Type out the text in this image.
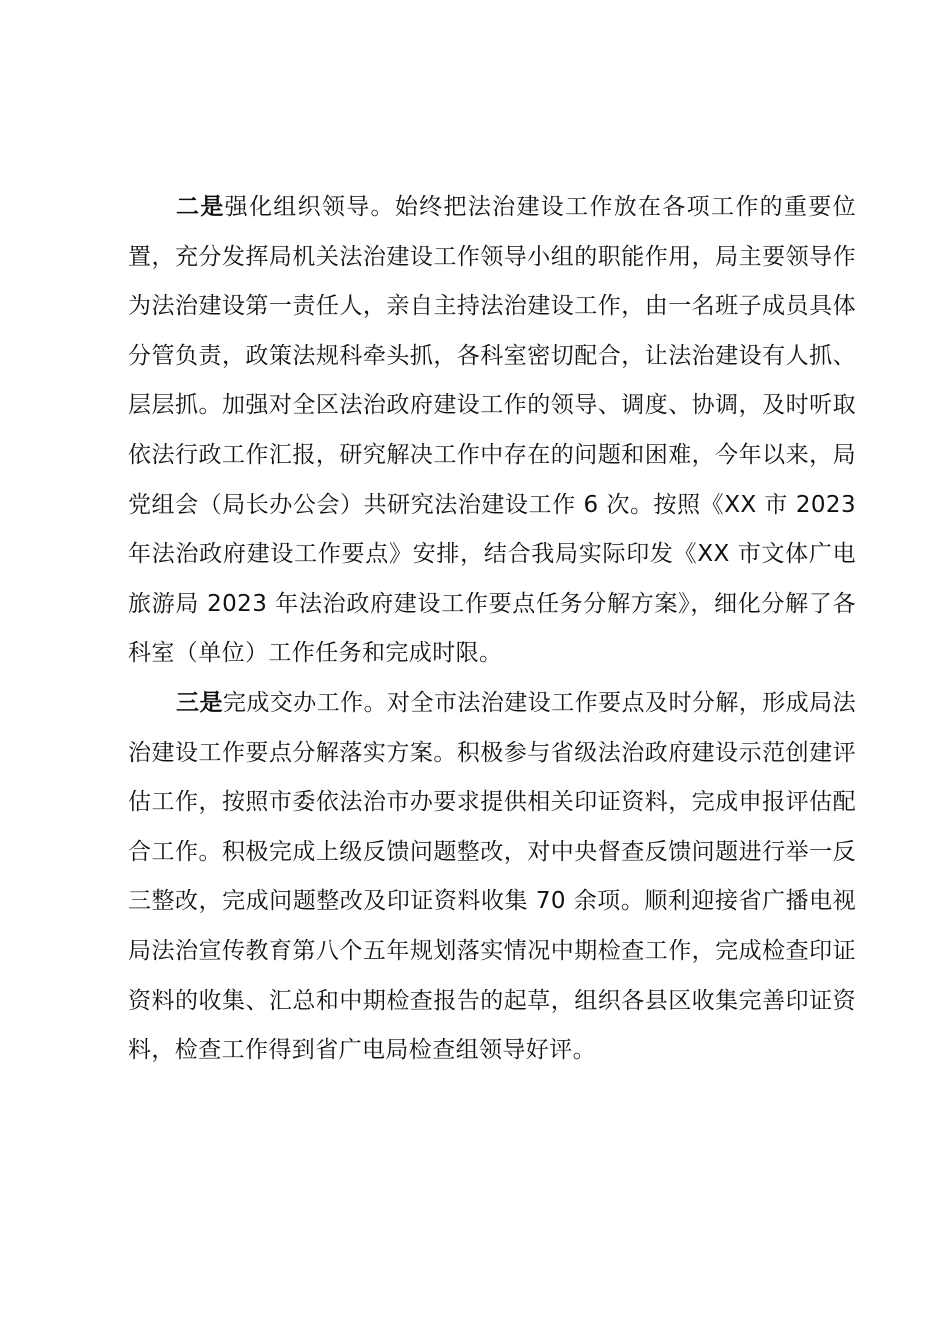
二是强化组织领导。始终把法治建设工作放在各项工作的重要位置，充分发挥局机关法治建设工作领导小组的职能作用，局主要领导作为法治建设第一责任人，亲自主持法治建设工作，由一名班子成员具体分管负责，政策法规科牵头抓，各科室密切配合，让法治建设有人抓、层层抓。加强对全区法治政府建设工作的领导、调度、协调，及时听取依法行政工作汇报，研究解决工作中存在的问题和困难，今年以来，局党组会（局长办公会）共研究法治建设工作 6 次。按照《XX 市 2023 年法治政府建设工作要点》安排，结合我局实际印发《XX 市文体广电旅游局 2023 年法治政府建设工作要点任务分解方案》，细化分解了各科室（单位）工作任务和完成时限。

三是完成交办工作。对全市法治建设工作要点及时分解，形成局法治建设工作要点分解落实方案。积极参与省级法治政府建设示范创建评估工作，按照市委依法治市办要求提供相关印证资料，完成申报评估配合工作。积极完成上级反馈问题整改，对中央督查反馈问题进行举一反三整改，完成问题整改及印证资料收集 70 余项。顺利迎接省广播电视局法治宣传教育第八个五年规划落实情况中期检查工作，完成检查印证资料的收集、汇总和中期检查报告的起草，组织各县区收集完善印证资料，检查工作得到省广电局检查组领导好评。
